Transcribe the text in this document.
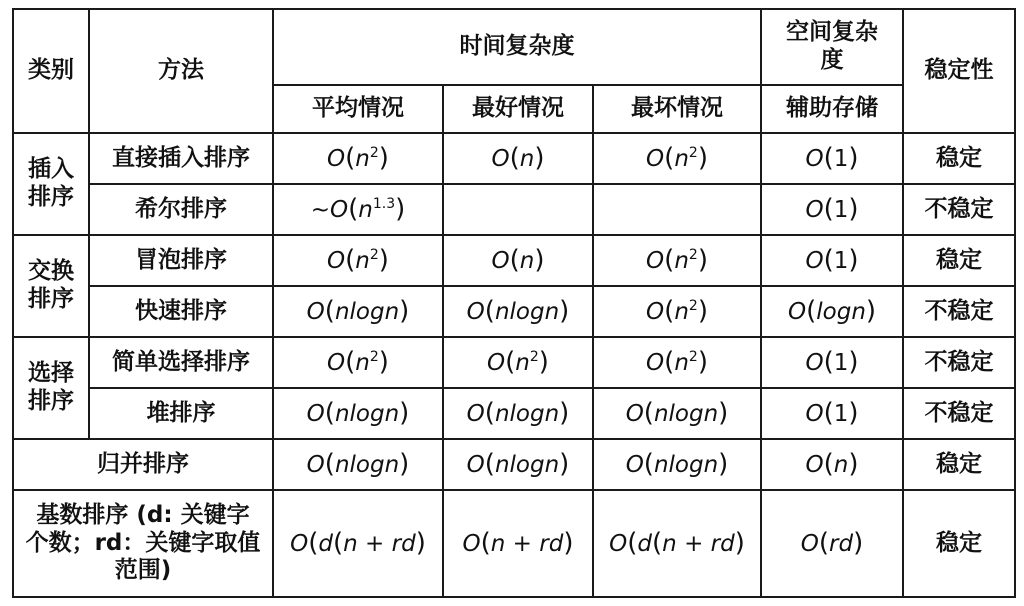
类别	方法	时间复杂度			空间复杂度	稳定性
		平均情况	最好情况	最坏情况	辅助存储	
插入排序	直接插入排序	$O(n^2)$	O(n)	$O(n^2)$	O(1)	稳定
	希尔排序	$\sim O(n^{1.3})$			O(1)	不稳定
交换排序	冒泡排序	$O(n^2)$	O(n)	$O(n^2)$	O(1)	稳定
	快速排序	O(nlogn)	O(nlogn)	$O(n^2)$	O(logn)	不稳定
选择排序	简单选择排序	$O(n^2)$	$O(n^2)$	$O(n^2)$	O(1)	不稳定
	堆排序	O(nlogn)	O(nlogn)	O(nlogn)	O(1)	不稳定
归并排序		O(nlogn)	O(nlogn)	O(nlogn)	O(n)	稳定
基数排序 (d: 关键字个数；rd：关键字取值范围)		O(d(n + rd)	O(n + rd)	O(d(n + rd)	O(rd)	稳定
